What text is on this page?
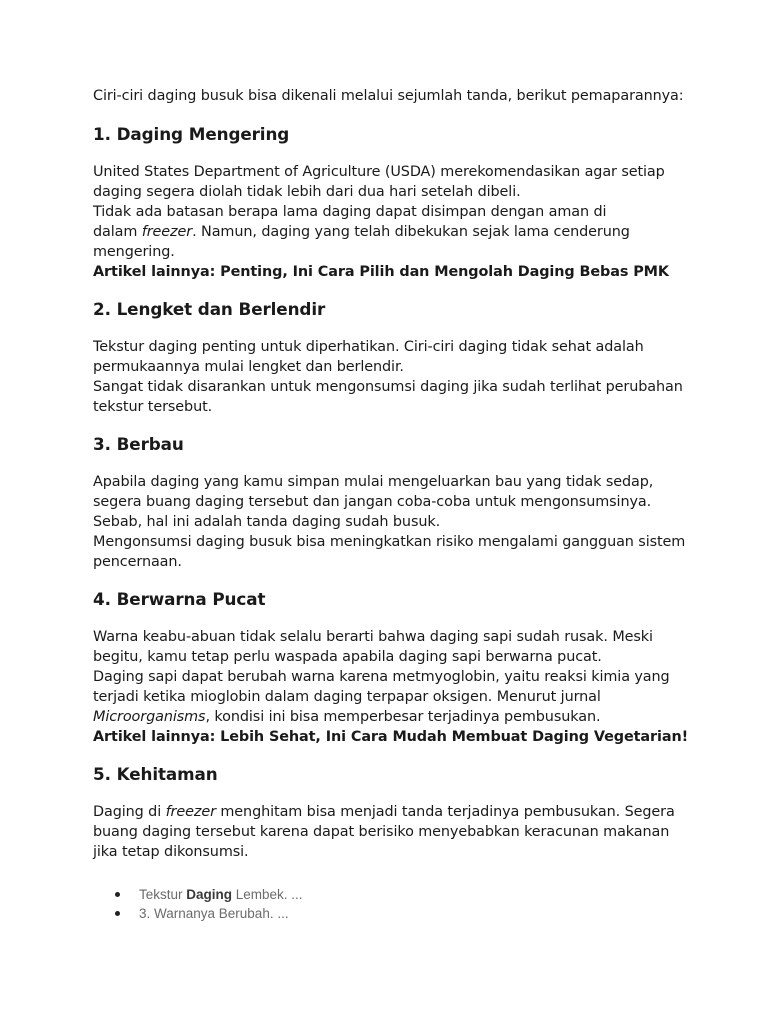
Ciri-ciri daging busuk bisa dikenali melalui sejumlah tanda, berikut pemaparannya:

1. Daging Mengering

United States Department of Agriculture (USDA) merekomendasikan agar setiap daging segera diolah tidak lebih dari dua hari setelah dibeli.

Tidak ada batasan berapa lama daging dapat disimpan dengan aman di dalam freezer. Namun, daging yang telah dibekukan sejak lama cenderung mengering.

Artikel lainnya: Penting, Ini Cara Pilih dan Mengolah Daging Bebas PMK

2. Lengket dan Berlendir

Tekstur daging penting untuk diperhatikan. Ciri-ciri daging tidak sehat adalah permukaannya mulai lengket dan berlendir.

Sangat tidak disarankan untuk mengonsumsi daging jika sudah terlihat perubahan tekstur tersebut.

3. Berbau

Apabila daging yang kamu simpan mulai mengeluarkan bau yang tidak sedap, segera buang daging tersebut dan jangan coba-coba untuk mengonsumsinya. Sebab, hal ini adalah tanda daging sudah busuk.

Mengonsumsi daging busuk bisa meningkatkan risiko mengalami gangguan sistem pencernaan.

4. Berwarna Pucat

Warna keabu-abuan tidak selalu berarti bahwa daging sapi sudah rusak. Meski begitu, kamu tetap perlu waspada apabila daging sapi berwarna pucat.

Daging sapi dapat berubah warna karena metmyoglobin, yaitu reaksi kimia yang terjadi ketika mioglobin dalam daging terpapar oksigen. Menurut jurnal Microorganisms, kondisi ini bisa memperbesar terjadinya pembusukan.

Artikel lainnya: Lebih Sehat, Ini Cara Mudah Membuat Daging Vegetarian!

5. Kehitaman

Daging di freezer menghitam bisa menjadi tanda terjadinya pembusukan. Segera buang daging tersebut karena dapat berisiko menyebabkan keracunan makanan jika tetap dikonsumsi.

Tekstur Daging Lembek. ...
3. Warnanya Berubah. ...
